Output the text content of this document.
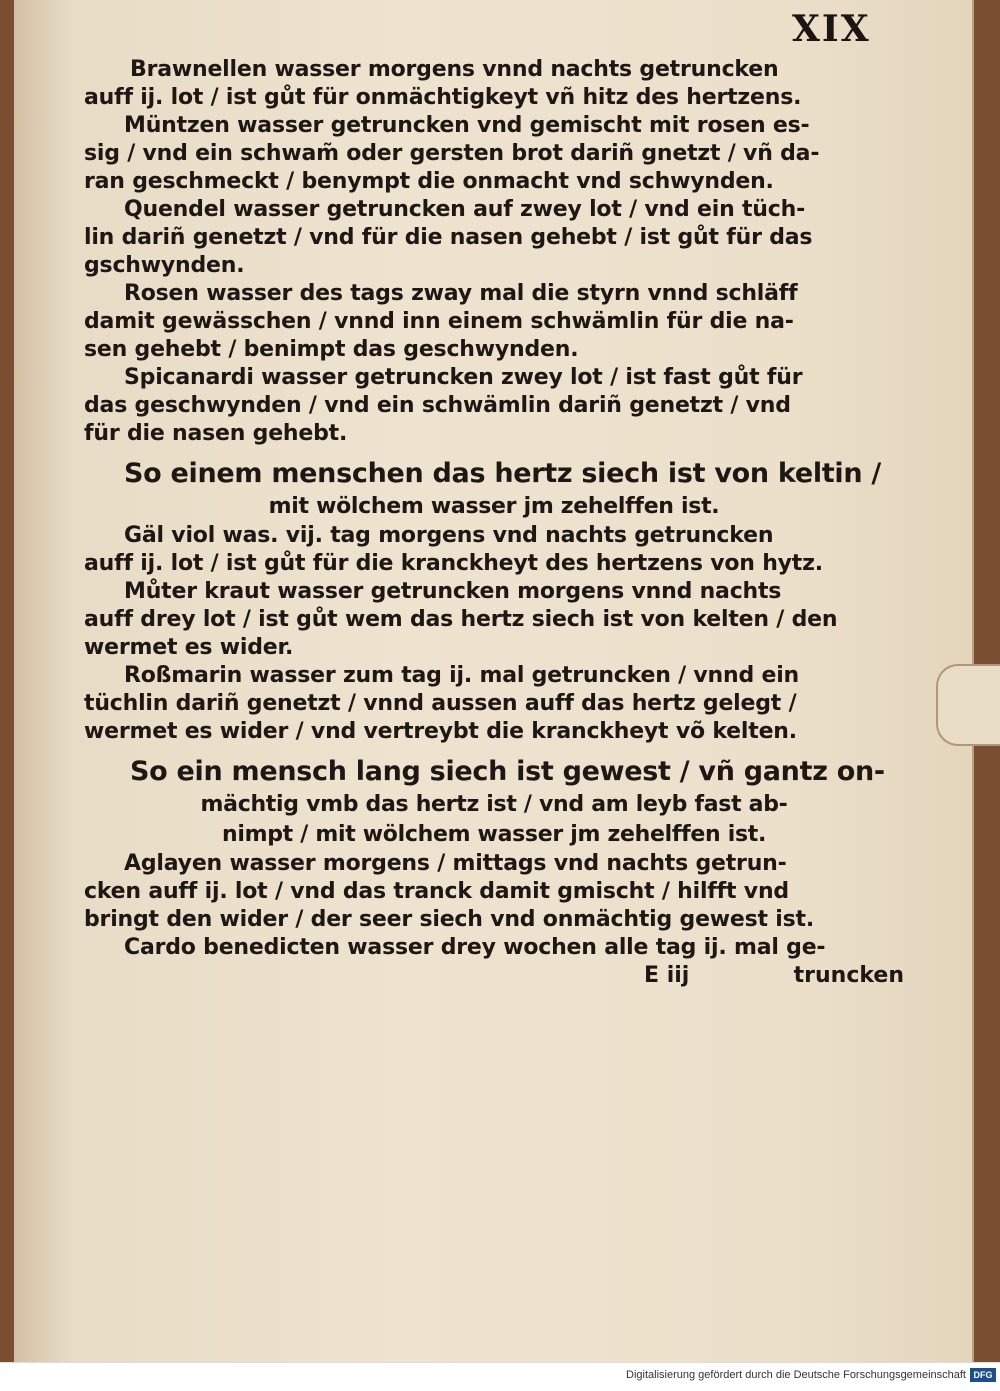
XIX
Brawnellen wasser morgens vnnd nachts getruncken
auff ij. lot / ist gůt für onmächtigkeyt vñ hitz des hertzens.
Müntzen wasser getruncken vnd gemischt mit rosen es-
sig / vnd ein schwam̃ oder gersten brot dariñ gnetzt / vñ da-
ran geschmeckt / benympt die onmacht vnd schwynden.
Quendel wasser getruncken auf zwey lot / vnd ein tüch-
lin dariñ genetzt / vnd für die nasen gehebt / ist gůt für das
gschwynden.
Rosen wasser des tags zway mal die styrn vnnd schläff
damit gewässchen / vnnd inn einem schwämlin für die na-
sen gehebt / benimpt das geschwynden.
Spicanardi wasser getruncken zwey lot / ist fast gůt für
das geschwynden / vnd ein schwämlin dariñ genetzt / vnd
für die nasen gehebt.
So einem menschen das hertz siech ist von keltin /
mit wölchem wasser jm zehelffen ist.
Gäl viol was. vij. tag morgens vnd nachts getruncken
auff ij. lot / ist gůt für die kranckheyt des hertzens von hytz.
Můter kraut wasser getruncken morgens vnnd nachts
auff drey lot / ist gůt wem das hertz siech ist von kelten / den
wermet es wider.
Roßmarin wasser zum tag ij. mal getruncken / vnnd ein
tüchlin dariñ genetzt / vnnd aussen auff das hertz gelegt /
wermet es wider / vnd vertreybt die kranckheyt võ kelten.
So ein mensch lang siech ist gewest / vñ gantz on-
mächtig vmb das hertz ist / vnd am leyb fast ab-
nimpt / mit wölchem wasser jm zehelffen ist.
Aglayen wasser morgens / mittags vnd nachts getrun-
cken auff ij. lot / vnd das tranck damit gmischt / hilfft vnd
bringt den wider / der seer siech vnd onmächtig gewest ist.
Cardo benedicten wasser drey wochen alle tag ij. mal ge-
E iij	truncken
Digitalisierung gefördert durch die Deutsche Forschungsgemeinschaft DFG
